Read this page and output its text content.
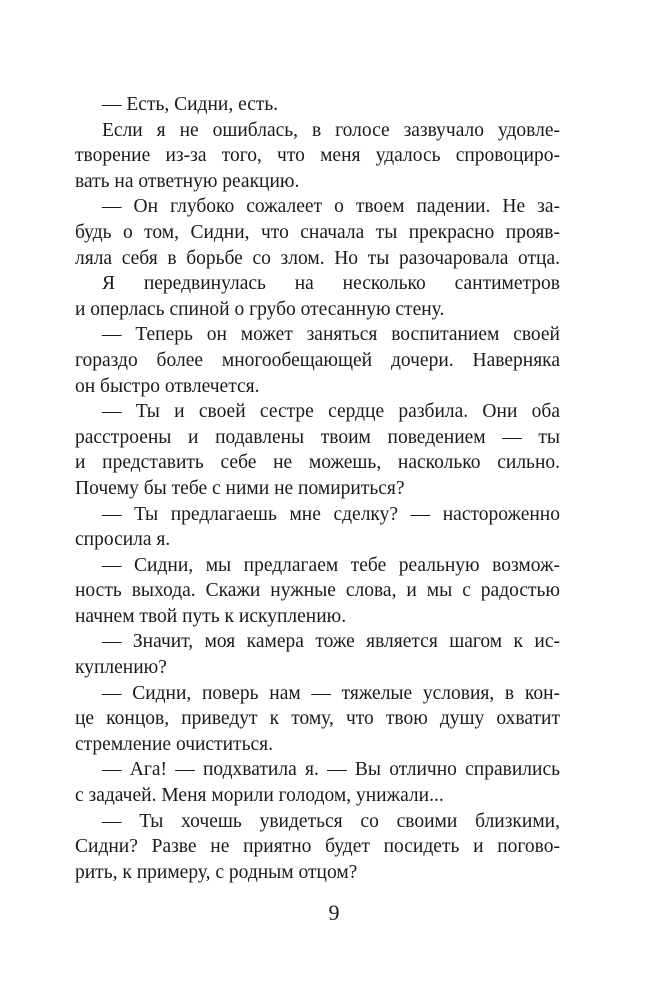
— Есть, Сидни, есть.
Если я не ошиблась, в голосе зазвучало удовле-
творение из-за того, что меня удалось спровоциро-
вать на ответную реакцию.
— Он глубоко сожалеет о твоем падении. Не за-
будь о том, Сидни, что сначала ты прекрасно прояв-
ляла себя в борьбе со злом. Но ты разочаровала отца.
Я передвинулась на несколько сантиметров
и оперлась спиной о грубо отесанную стену.
— Теперь он может заняться воспитанием своей
гораздо более многообещающей дочери. Наверняка
он быстро отвлечется.
— Ты и своей сестре сердце разбила. Они оба
расстроены и подавлены твоим поведением — ты
и представить себе не можешь, насколько сильно.
Почему бы тебе с ними не помириться?
— Ты предлагаешь мне сделку? — настороженно
спросила я.
— Сидни, мы предлагаем тебе реальную возмож-
ность выхода. Скажи нужные слова, и мы с радостью
начнем твой путь к искуплению.
— Значит, моя камера тоже является шагом к ис-
куплению?
— Сидни, поверь нам — тяжелые условия, в кон-
це концов, приведут к тому, что твою душу охватит
стремление очиститься.
— Ага! — подхватила я. — Вы отлично справились
с задачей. Меня морили голодом, унижали...
— Ты хочешь увидеться со своими близкими,
Сидни? Разве не приятно будет посидеть и погово-
рить, к примеру, с родным отцом?
9
